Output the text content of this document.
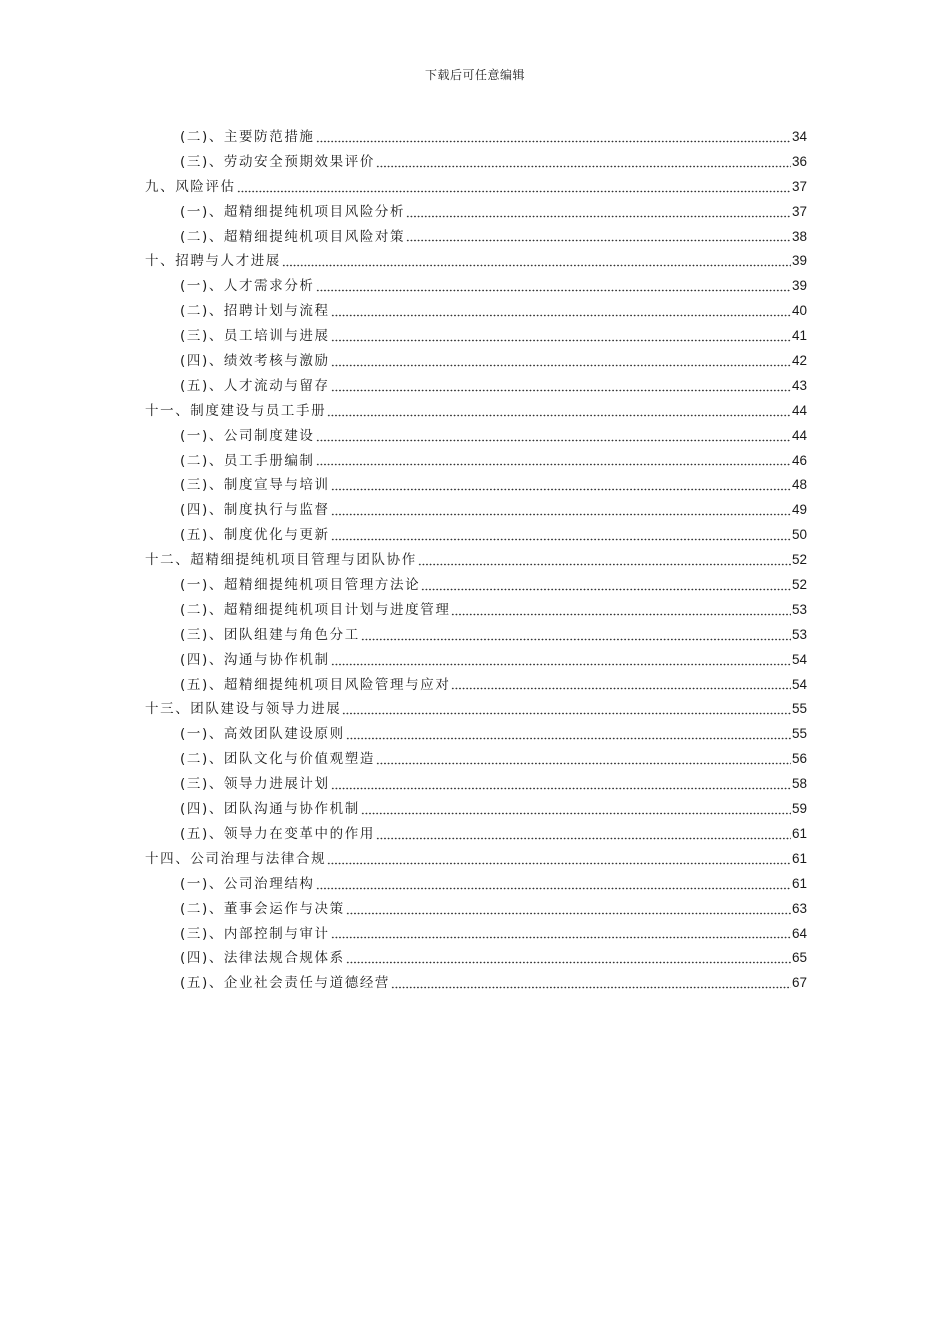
下载后可任意编辑
(二)、主要防范措施	34
(三)、劳动安全预期效果评价	36
九、风险评估	37
(一)、超精细提纯机项目风险分析	37
(二)、超精细提纯机项目风险对策	38
十、招聘与人才进展	39
(一)、人才需求分析	39
(二)、招聘计划与流程	40
(三)、员工培训与进展	41
(四)、绩效考核与激励	42
(五)、人才流动与留存	43
十一、制度建设与员工手册	44
(一)、公司制度建设	44
(二)、员工手册编制	46
(三)、制度宣导与培训	48
(四)、制度执行与监督	49
(五)、制度优化与更新	50
十二、超精细提纯机项目管理与团队协作	52
(一)、超精细提纯机项目管理方法论	52
(二)、超精细提纯机项目计划与进度管理	53
(三)、团队组建与角色分工	53
(四)、沟通与协作机制	54
(五)、超精细提纯机项目风险管理与应对	54
十三、团队建设与领导力进展	55
(一)、高效团队建设原则	55
(二)、团队文化与价值观塑造	56
(三)、领导力进展计划	58
(四)、团队沟通与协作机制	59
(五)、领导力在变革中的作用	61
十四、公司治理与法律合规	61
(一)、公司治理结构	61
(二)、董事会运作与决策	63
(三)、内部控制与审计	64
(四)、法律法规合规体系	65
(五)、企业社会责任与道德经营	67
